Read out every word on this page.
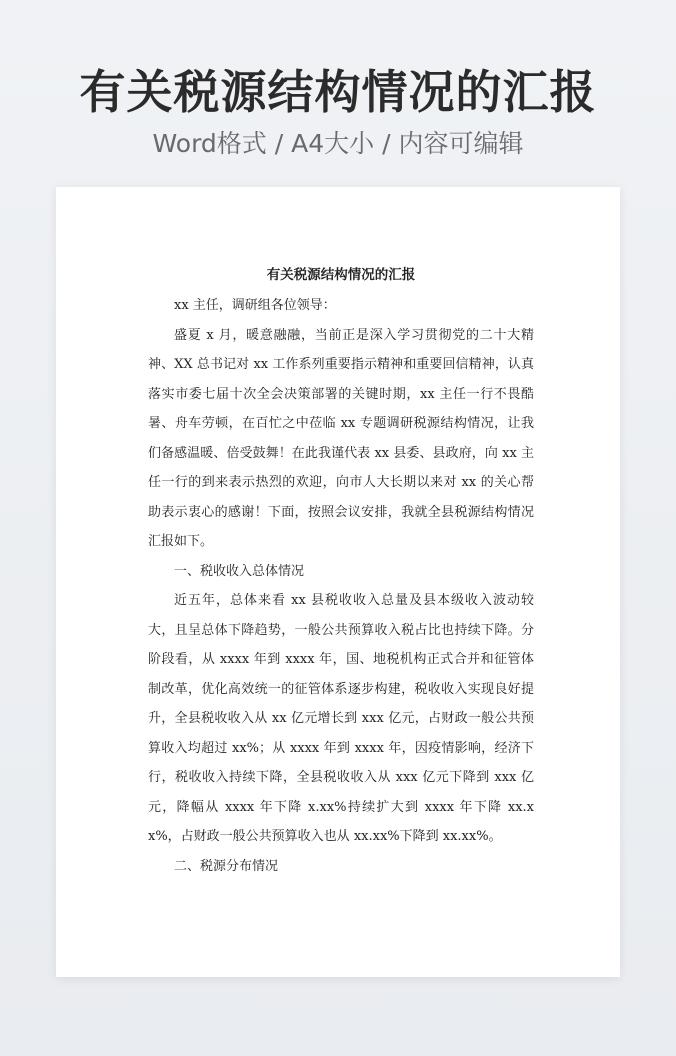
有关税源结构情况的汇报
Word格式 / A4大小 / 内容可编辑

有关税源结构情况的汇报

xx 主任，调研组各位领导：

盛夏 x 月，暖意融融，当前正是深入学习贯彻党的二十大精神、XX 总书记对 xx 工作系列重要指示精神和重要回信精神，认真落实市委七届十次全会决策部署的关键时期，xx 主任一行不畏酷暑、舟车劳顿，在百忙之中莅临 xx 专题调研税源结构情况，让我们备感温暖、倍受鼓舞！在此我谨代表 xx 县委、县政府，向 xx 主任一行的到来表示热烈的欢迎，向市人大长期以来对 xx 的关心帮助表示衷心的感谢！下面，按照会议安排，我就全县税源结构情况汇报如下。

一、税收收入总体情况

近五年，总体来看 xx 县税收收入总量及县本级收入波动较大，且呈总体下降趋势，一般公共预算收入税占比也持续下降。分阶段看，从 xxxx 年到 xxxx 年，国、地税机构正式合并和征管体制改革，优化高效统一的征管体系逐步构建，税收收入实现良好提升，全县税收收入从 xx 亿元增长到 xxx 亿元，占财政一般公共预算收入均超过 xx%；从 xxxx 年到 xxxx 年，因疫情影响，经济下行，税收收入持续下降，全县税收收入从 xxx 亿元下降到 xxx 亿元，降幅从 xxxx 年下降 x.xx%持续扩大到 xxxx 年下降 xx.xx%，占财政一般公共预算收入也从 xx.xx%下降到 xx.xx%。

二、税源分布情况
